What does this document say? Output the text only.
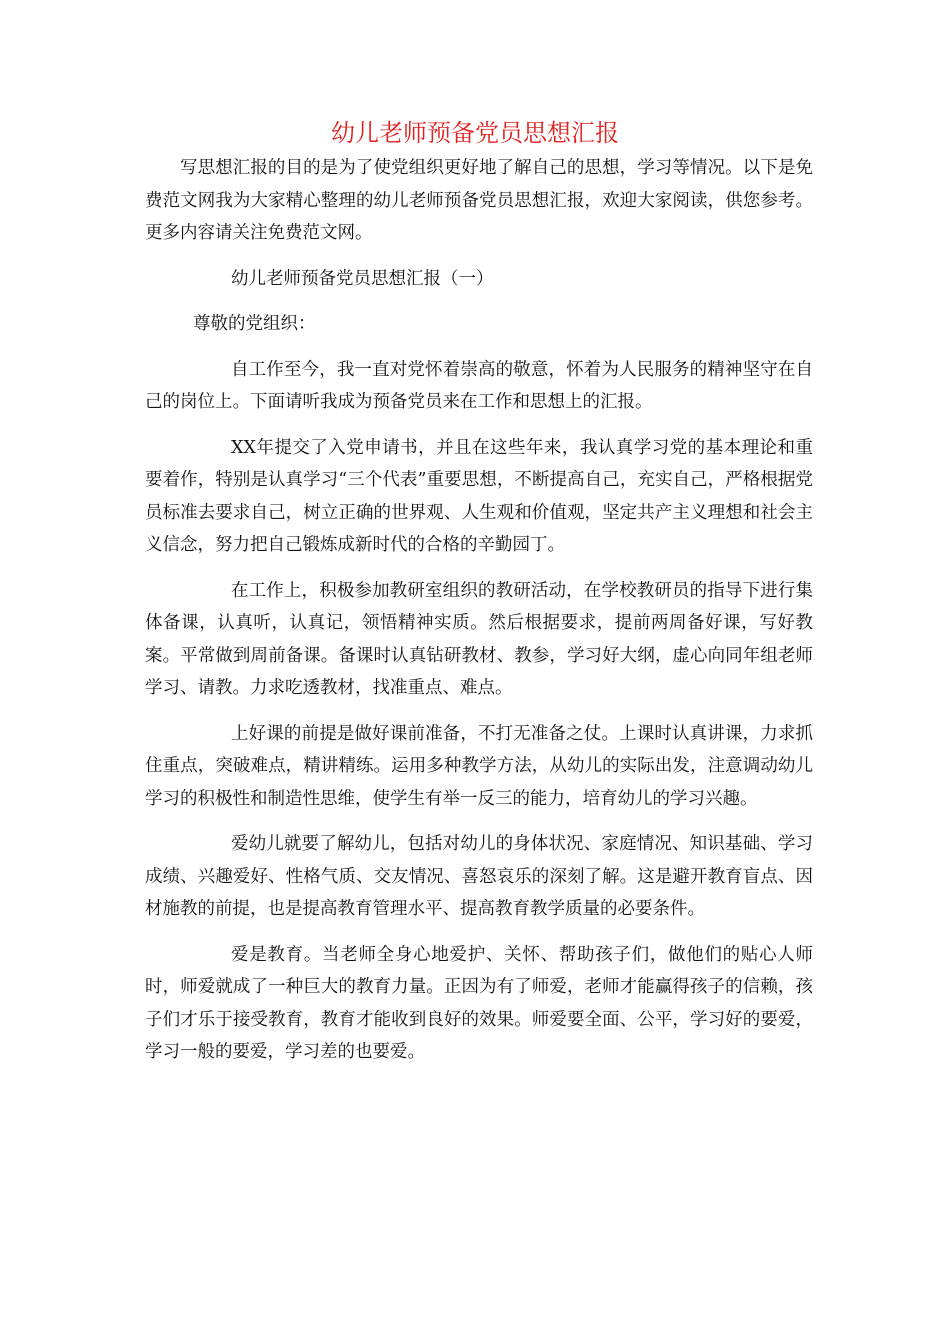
幼儿老师预备党员思想汇报

写思想汇报的目的是为了使党组织更好地了解自己的思想，学习等情况。以下是免费范文网我为大家精心整理的幼儿老师预备党员思想汇报，欢迎大家阅读，供您参考。更多内容请关注免费范文网。

幼儿老师预备党员思想汇报（一）

尊敬的党组织：

自工作至今，我一直对党怀着崇高的敬意，怀着为人民服务的精神坚守在自己的岗位上。下面请听我成为预备党员来在工作和思想上的汇报。

XX年提交了入党申请书，并且在这些年来，我认真学习党的基本理论和重要着作，特别是认真学习“三个代表”重要思想，不断提高自己，充实自己，严格根据党员标准去要求自己，树立正确的世界观、人生观和价值观，坚定共产主义理想和社会主义信念，努力把自己锻炼成新时代的合格的辛勤园丁。

在工作上，积极参加教研室组织的教研活动，在学校教研员的指导下进行集体备课，认真听，认真记，领悟精神实质。然后根据要求，提前两周备好课，写好教案。平常做到周前备课。备课时认真钻研教材、教参，学习好大纲，虚心向同年组老师学习、请教。力求吃透教材，找准重点、难点。

上好课的前提是做好课前准备，不打无准备之仗。上课时认真讲课，力求抓住重点，突破难点，精讲精练。运用多种教学方法，从幼儿的实际出发，注意调动幼儿学习的积极性和制造性思维，使学生有举一反三的能力，培育幼儿的学习兴趣。

爱幼儿就要了解幼儿，包括对幼儿的身体状况、家庭情况、知识基础、学习成绩、兴趣爱好、性格气质、交友情况、喜怒哀乐的深刻了解。这是避开教育盲点、因材施教的前提，也是提高教育管理水平、提高教育教学质量的必要条件。

爱是教育。当老师全身心地爱护、关怀、帮助孩子们，做他们的贴心人师时，师爱就成了一种巨大的教育力量。正因为有了师爱，老师才能赢得孩子的信赖，孩子们才乐于接受教育，教育才能收到良好的效果。师爱要全面、公平，学习好的要爱，学习一般的要爱，学习差的也要爱。
